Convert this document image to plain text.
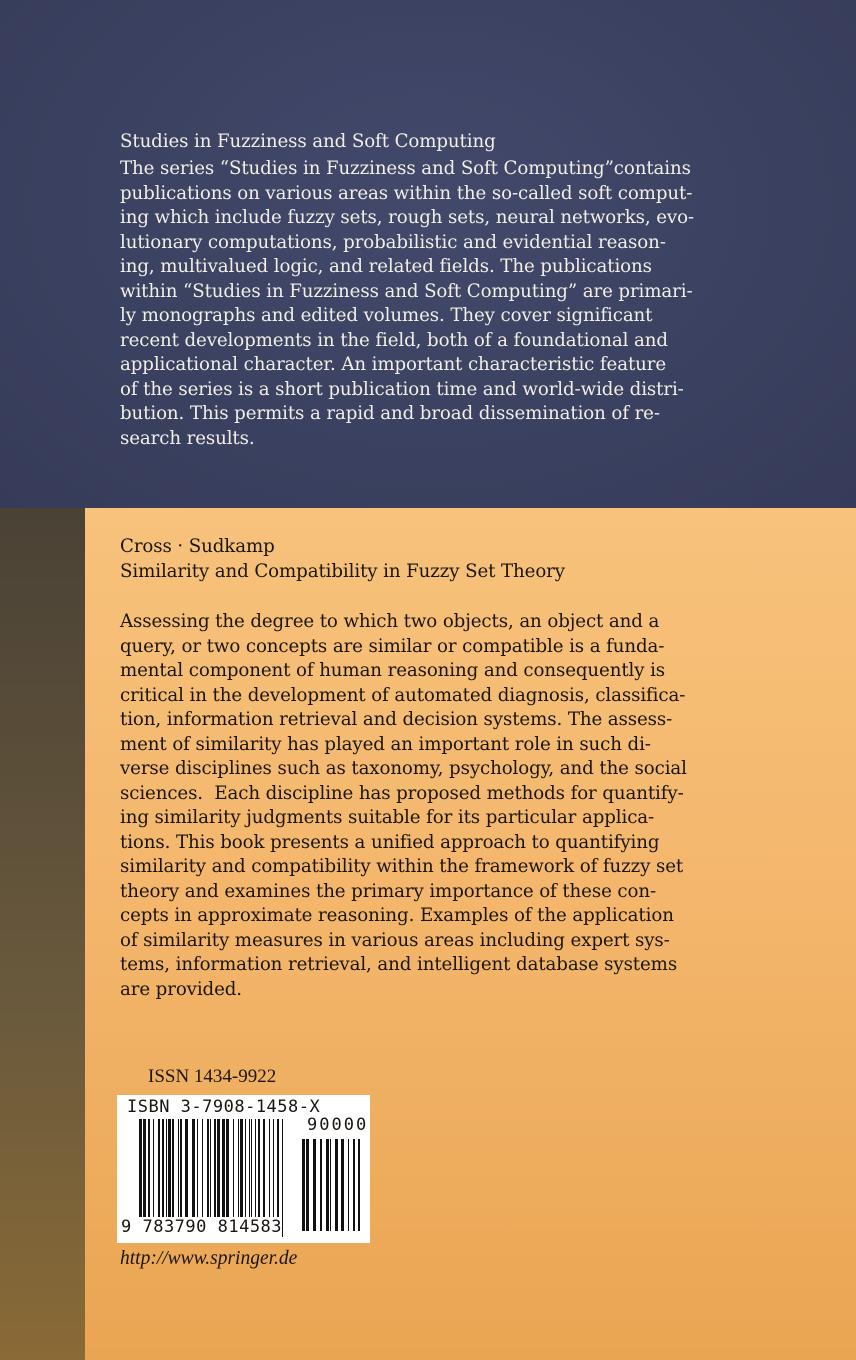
Studies in Fuzziness and Soft Computing
The series “Studies in Fuzziness and Soft Computing”contains
publications on various areas within the so-called soft comput-
ing which include fuzzy sets, rough sets, neural networks, evo-
lutionary computations, probabilistic and evidential reason-
ing, multivalued logic, and related fields. The publications
within “Studies in Fuzziness and Soft Computing” are primari-
ly monographs and edited volumes. They cover significant
recent developments in the field, both of a foundational and
applicational character. An important characteristic feature
of the series is a short publication time and world-wide distri-
bution. This permits a rapid and broad dissemination of re-
search results.
Cross · Sudkamp
Similarity and Compatibility in Fuzzy Set Theory
Assessing the degree to which two objects, an object and a
query, or two concepts are similar or compatible is a funda-
mental component of human reasoning and consequently is
critical in the development of automated diagnosis, classifica-
tion, information retrieval and decision systems. The assess-
ment of similarity has played an important role in such di-
verse disciplines such as taxonomy, psychology, and the social
sciences.  Each discipline has proposed methods for quantify-
ing similarity judgments suitable for its particular applica-
tions. This book presents a unified approach to quantifying
similarity and compatibility within the framework of fuzzy set
theory and examines the primary importance of these con-
cepts in approximate reasoning. Examples of the application
of similarity measures in various areas including expert sys-
tems, information retrieval, and intelligent database systems
are provided.
ISSN 1434-9922
ISBN 3-7908-1458-X
90000
9 783790 814583
http://www.springer.de
